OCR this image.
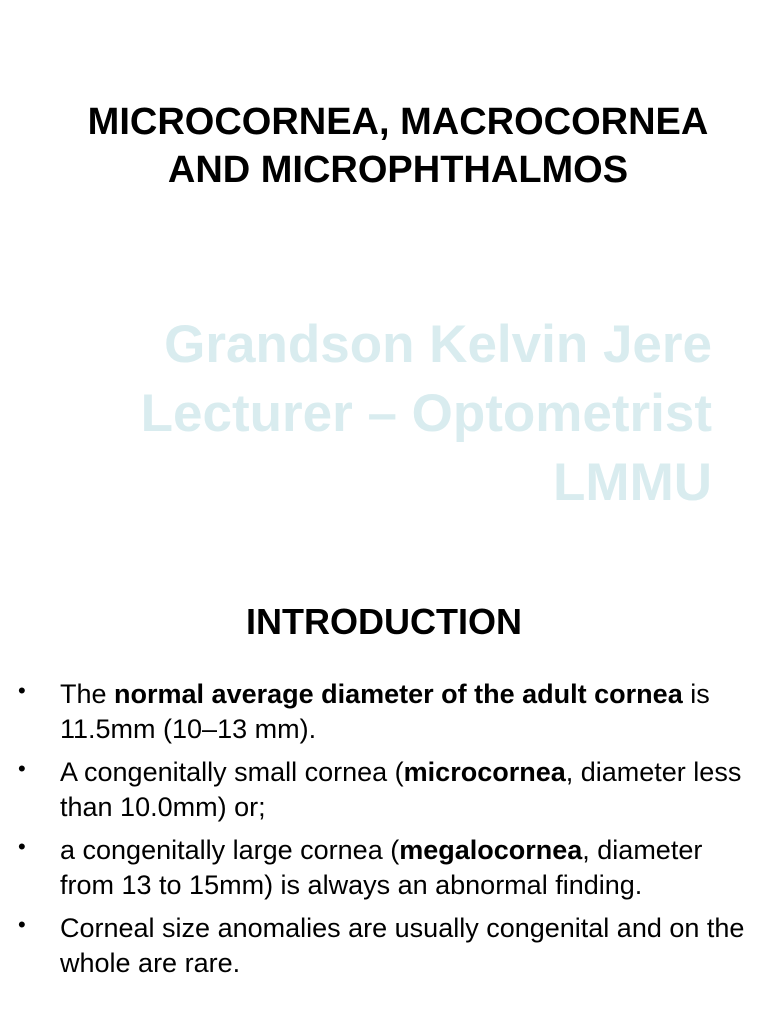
MICROCORNEA, MACROCORNEA
AND MICROPHTHALMOS
Grandson Kelvin Jere
Lecturer – Optometrist
LMMU
INTRODUCTION
• The normal average diameter of the adult cornea is 11.5mm (10–13 mm).
• A congenitally small cornea (microcornea, diameter less than 10.0mm) or;
• a congenitally large cornea (megalocornea, diameter from 13 to 15mm) is always an abnormal finding.
• Corneal size anomalies are usually congenital and on the whole are rare.
